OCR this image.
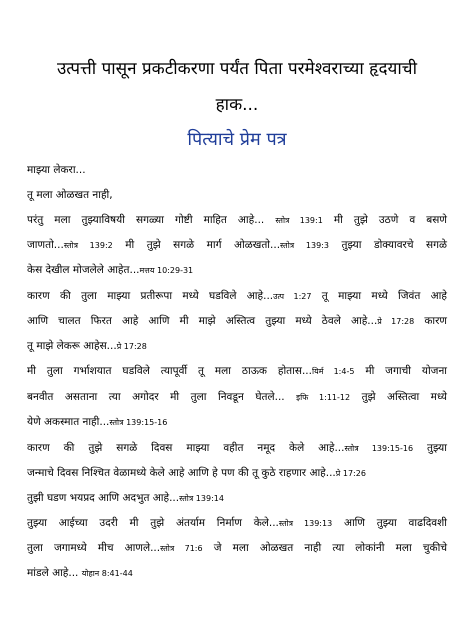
उत्पत्ती पासून प्रकटीकरणा पर्यंत पिता परमेश्वराच्या हृदयाची
हाक...
पित्याचे प्रेम पत्र
माझ्या लेकरा...
तू मला ओळखत नाही,
परंतु मला तुझ्याविषयी सगळ्या गोष्टी माहित आहे... स्तोत्र 139:1 मी तुझे उठणे व बसणे
जाणतो...स्तोत्र 139:2 मी तुझे सगळे मार्ग ओळखतो...स्तोत्र 139:3 तुझ्या डोक्यावरचे सगळे
केस देखील मोजलेले आहेत...मत्तय 10:29-31
कारण की तुला माझ्या प्रतीरूपा मध्ये घडविले आहे...उत्प 1:27 तू माझ्या मध्ये जिवंत आहे
आणि चालत फिरत आहे आणि मी माझे अस्तित्व तुझ्या मध्ये ठेवले आहे...प्रे 17:28 कारण
तू माझे लेकरू आहेस...प्रे 17:28
मी तुला गर्भाशयात घडविले त्यापूर्वी तू मला ठाऊक होतास...यिर्म 1:4-5 मी जगाची योजना
बनवीत असताना त्या अगोदर मी तुला निवडून घेतले... इफि 1:11-12 तुझे अस्तित्वा मध्ये
येणे अकस्मात नाही...स्तोत्र 139:15-16
कारण की तुझे सगळे दिवस माझ्या वहीत नमूद केले आहे...स्तोत्र 139:15-16 तुझ्या
जन्माचे दिवस निश्चित वेळामध्ये केले आहे आणि हे पण की तू कुठे राहणार आहे...प्रे 17:26
तुझी घडण भयप्रद आणि अदभुत आहे...स्तोत्र 139:14
तुझ्या आईच्या उदरी मी तुझे अंतर्याम निर्माण केले...स्तोत्र 139:13 आणि तुझ्या वाढदिवशी
तुला जगामध्ये मीच आणले...स्तोत्र 71:6 जे मला ओळखत नाही त्या लोकांनी मला चुकीचे
मांडले आहे... योहान 8:41-44
